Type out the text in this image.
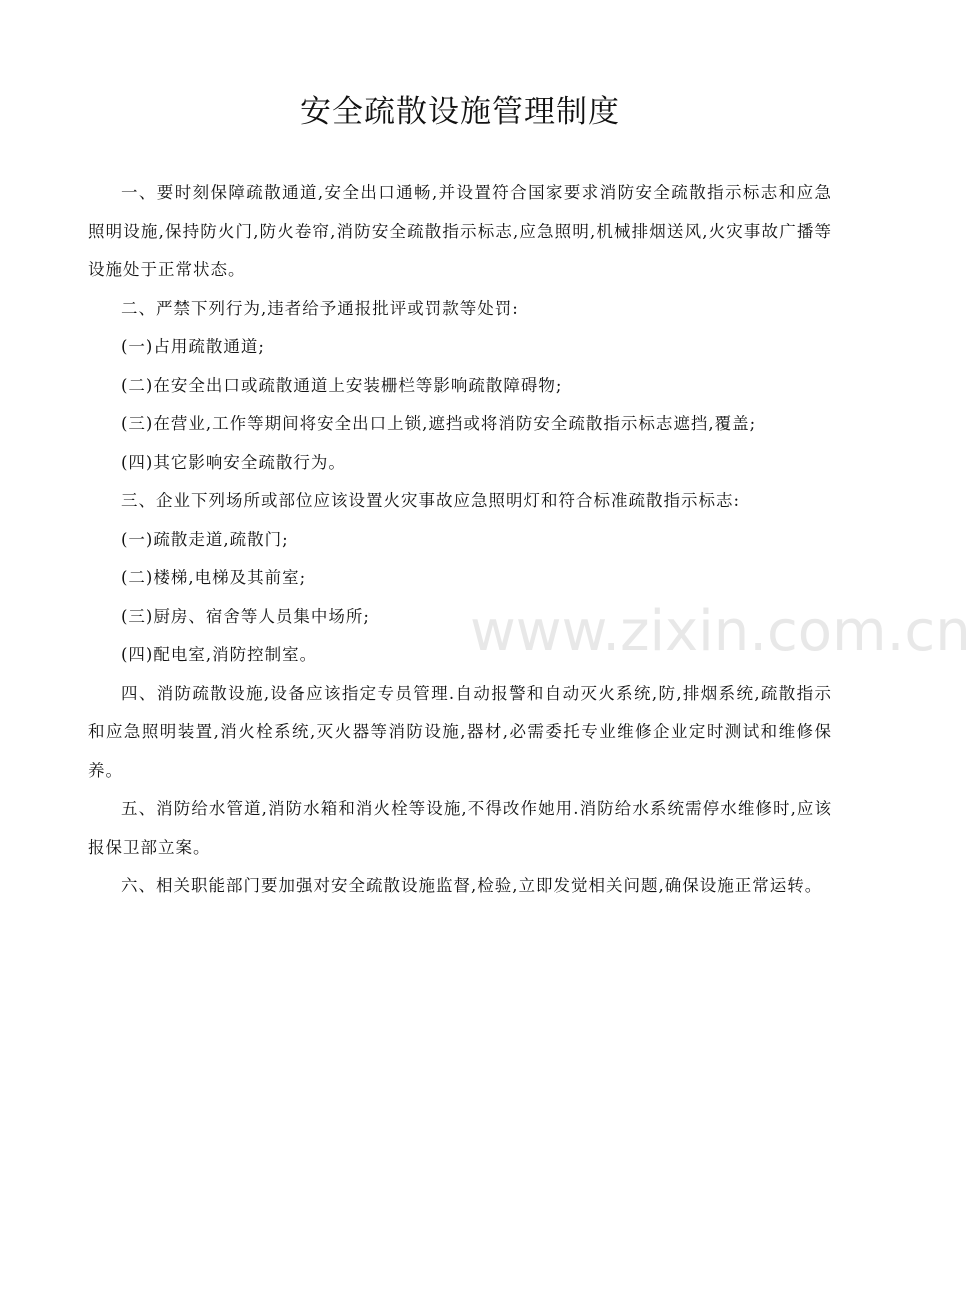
安全疏散设施管理制度

一、要时刻保障疏散通道,安全出口通畅,并设置符合国家要求消防安全疏散指示标志和应急照明设施,保持防火门,防火卷帘,消防安全疏散指示标志,应急照明,机械排烟送风,火灾事故广播等设施处于正常状态。

二、严禁下列行为,违者给予通报批评或罚款等处罚:

(一)占用疏散通道;

(二)在安全出口或疏散通道上安装栅栏等影响疏散障碍物;

(三)在营业,工作等期间将安全出口上锁,遮挡或将消防安全疏散指示标志遮挡,覆盖;

(四)其它影响安全疏散行为。

三、企业下列场所或部位应该设置火灾事故应急照明灯和符合标准疏散指示标志:

(一)疏散走道,疏散门;

(二)楼梯,电梯及其前室;

(三)厨房、宿舍等人员集中场所;

(四)配电室,消防控制室。

四、消防疏散设施,设备应该指定专员管理.自动报警和自动灭火系统,防,排烟系统,疏散指示和应急照明装置,消火栓系统,灭火器等消防设施,器材,必需委托专业维修企业定时测试和维修保养。

五、消防给水管道,消防水箱和消火栓等设施,不得改作她用.消防给水系统需停水维修时,应该报保卫部立案。

六、相关职能部门要加强对安全疏散设施监督,检验,立即发觉相关问题,确保设施正常运转。

www.zixin.com.cn
